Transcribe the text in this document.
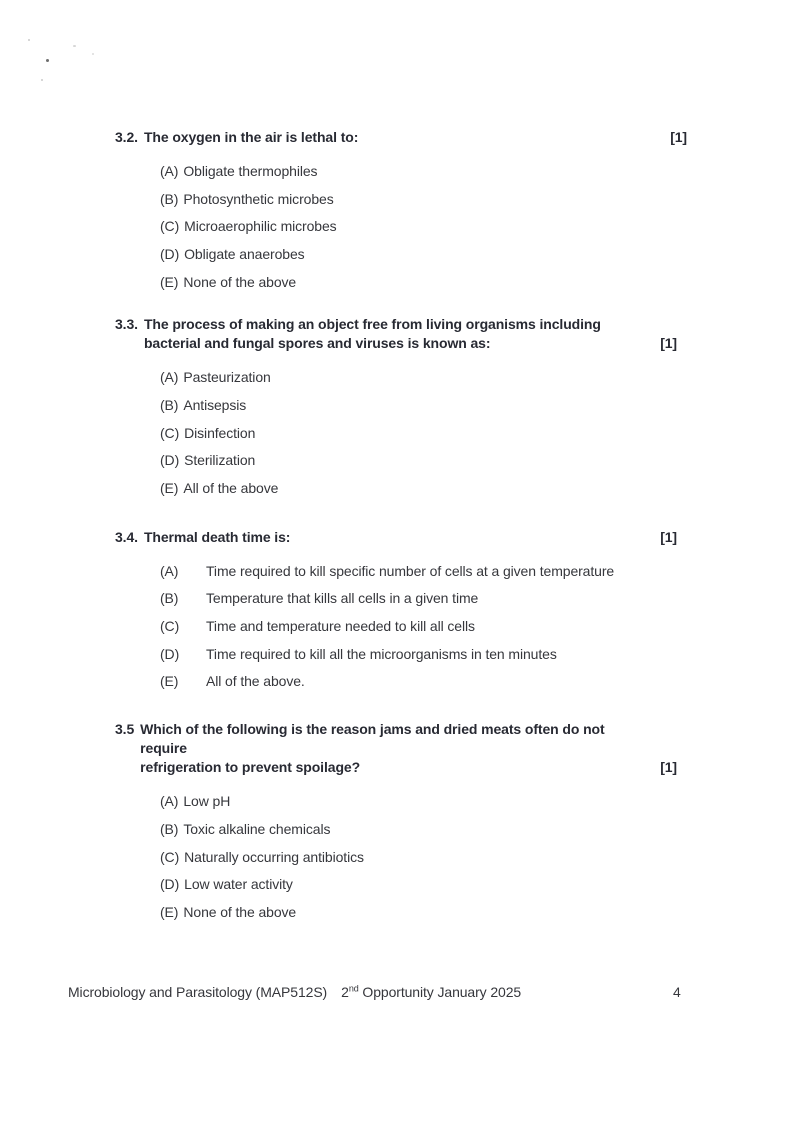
3.2. The oxygen in the air is lethal to:	[1]
(A) Obligate thermophiles
(B) Photosynthetic microbes
(C) Microaerophilic microbes
(D) Obligate anaerobes
(E) None of the above
3.3. The process of making an object free from living organisms including
bacterial and fungal spores and viruses is known as:	[1]
(A) Pasteurization
(B) Antisepsis
(C) Disinfection
(D) Sterilization
(E) All of the above
3.4. Thermal death time is:	[1]
(A)	Time required to kill specific number of cells at a given temperature
(B)	Temperature that kills all cells in a given time
(C)	Time and temperature needed to kill all cells
(D)	Time required to kill all the microorganisms in ten minutes
(E)	All of the above.
3.5 Which of the following is the reason jams and dried meats often do not require
refrigeration to prevent spoilage?	[1]
(A) Low pH
(B) Toxic alkaline chemicals
(C) Naturally occurring antibiotics
(D) Low water activity
(E) None of the above
Microbiology and Parasitology (MAP512S) 2nd Opportunity January 2025	4
